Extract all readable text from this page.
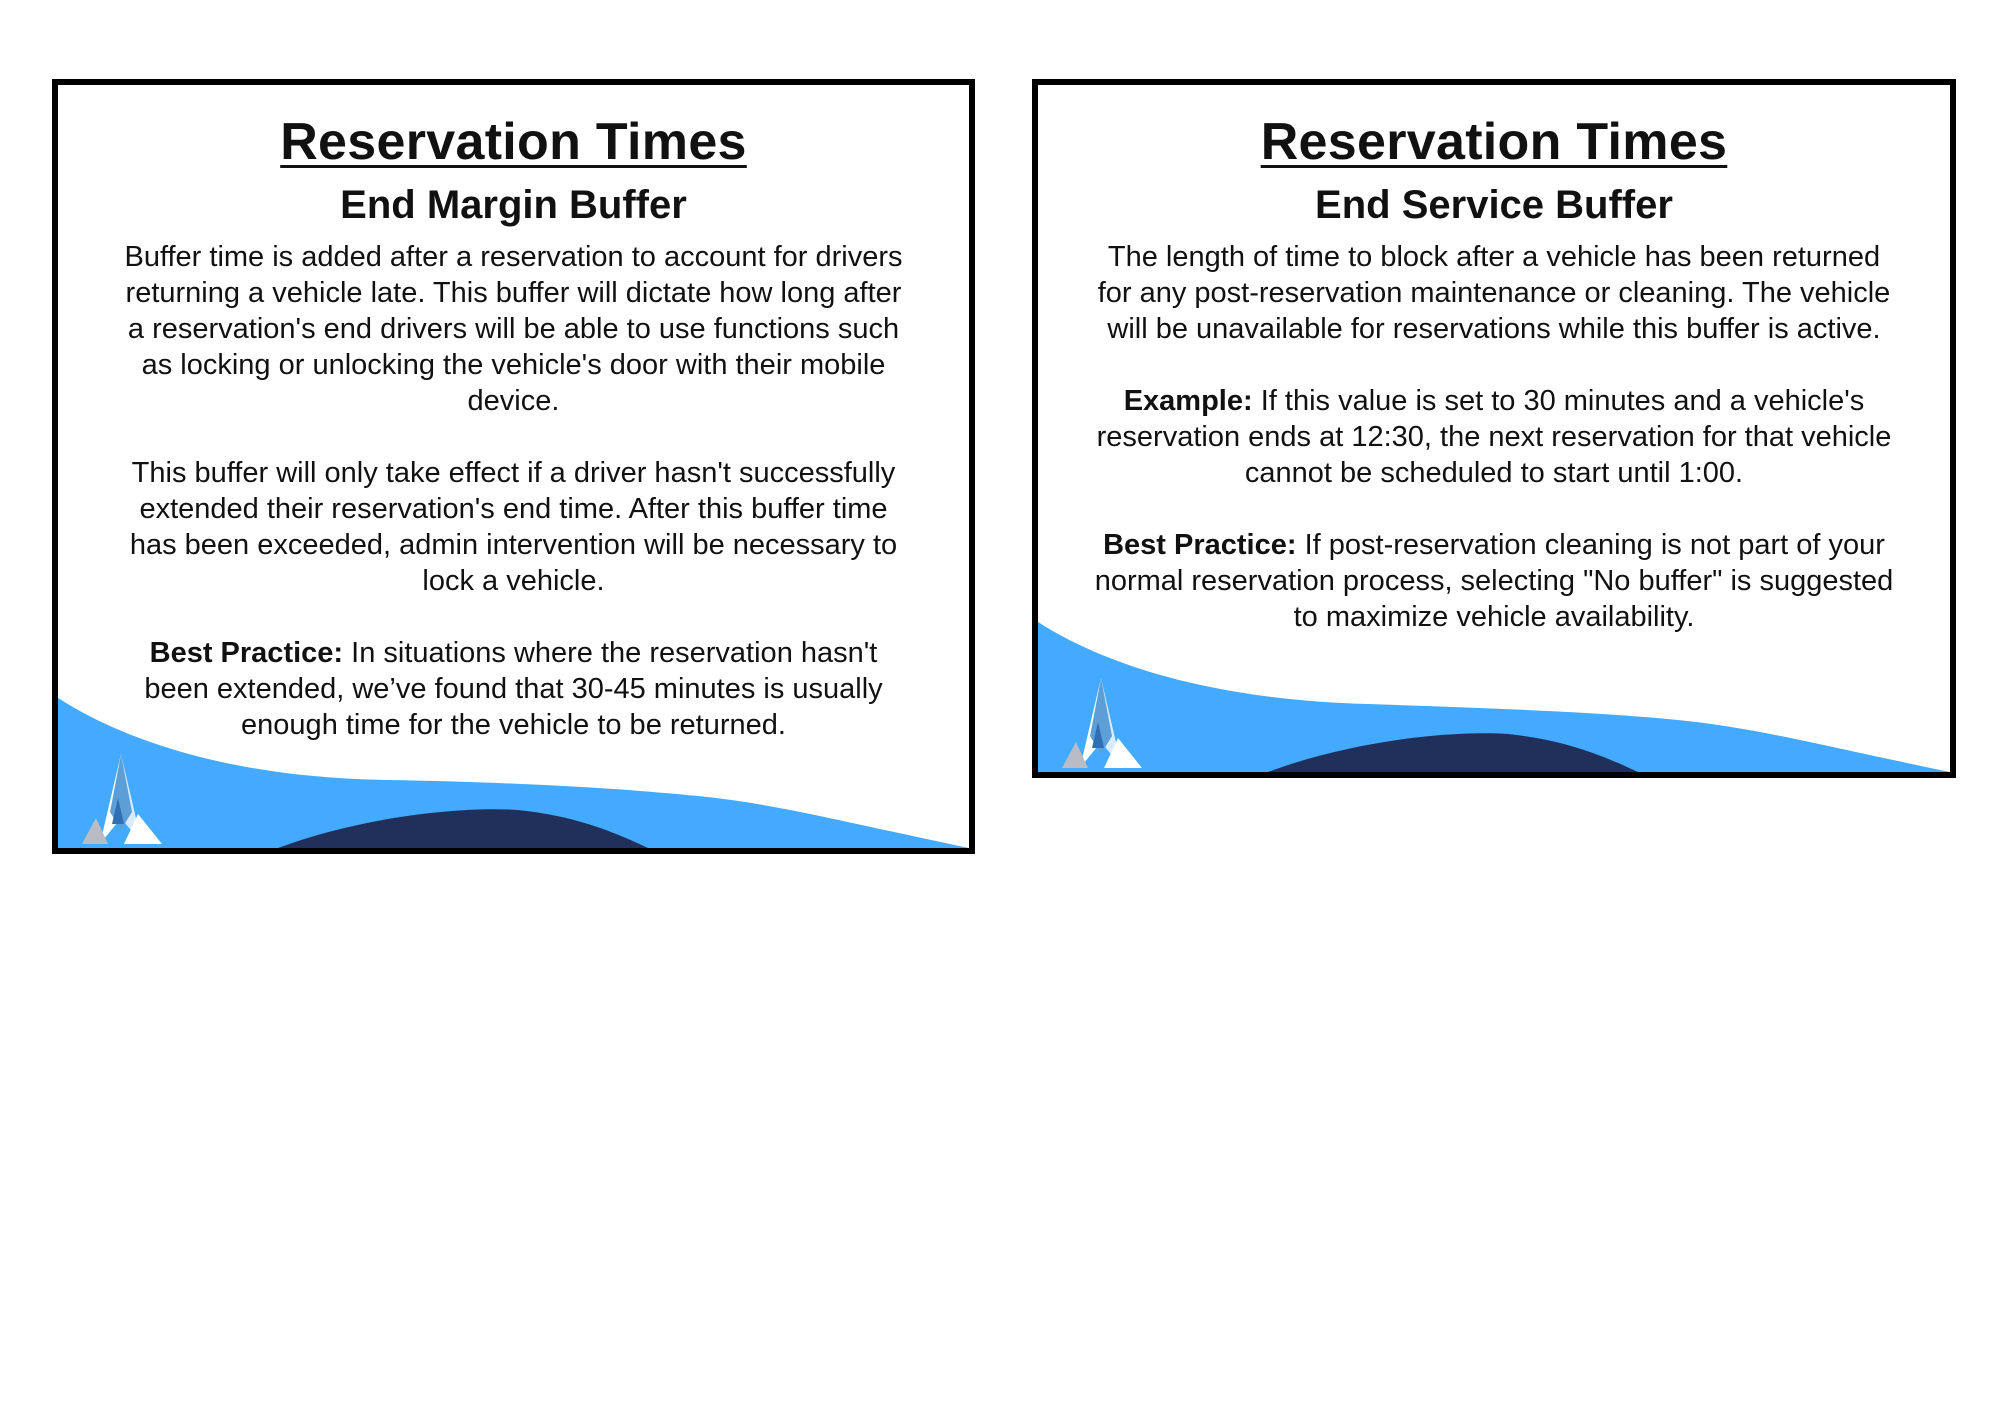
Reservation Times
End Margin Buffer

Buffer time is added after a reservation to account for drivers returning a vehicle late. This buffer will dictate how long after a reservation's end drivers will be able to use functions such as locking or unlocking the vehicle's door with their mobile device.

This buffer will only take effect if a driver hasn't successfully extended their reservation's end time. After this buffer time has been exceeded, admin intervention will be necessary to lock a vehicle.

Best Practice: In situations where the reservation hasn't been extended, we’ve found that 30-45 minutes is usually enough time for the vehicle to be returned.

Reservation Times
End Service Buffer

The length of time to block after a vehicle has been returned for any post-reservation maintenance or cleaning. The vehicle will be unavailable for reservations while this buffer is active.

Example: If this value is set to 30 minutes and a vehicle's reservation ends at 12:30, the next reservation for that vehicle cannot be scheduled to start until 1:00.

Best Practice: If post-reservation cleaning is not part of your normal reservation process, selecting "No buffer" is suggested to maximize vehicle availability.
